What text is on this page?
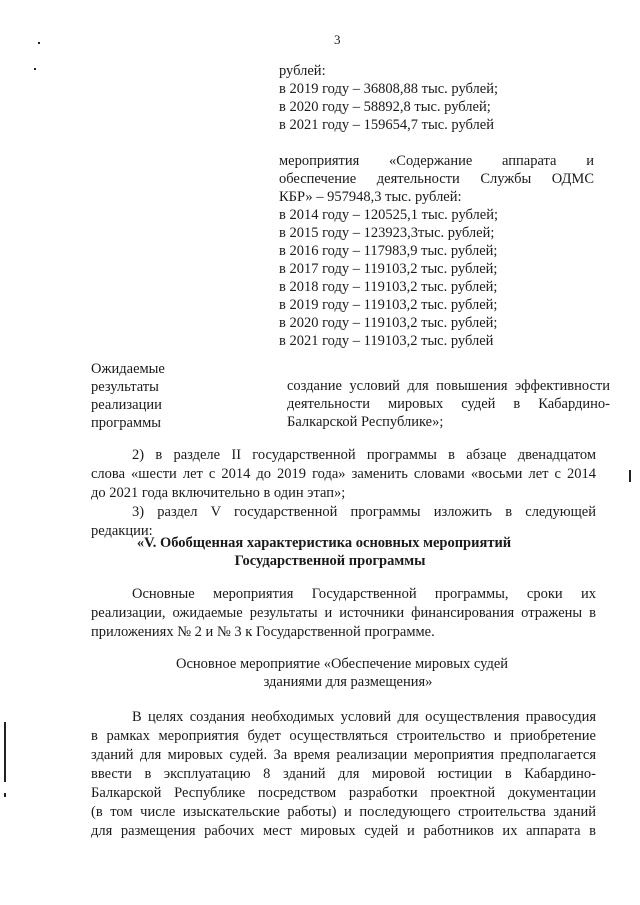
3
рублей:
в 2019 году – 36808,88 тыс. рублей;
в 2020 году – 58892,8 тыс. рублей;
в 2021 году – 159654,7 тыс. рублей
мероприятия «Содержание аппарата и
обеспечение деятельности Службы ОДМС
КБР» – 957948,3 тыс. рублей:
в 2014 году – 120525,1 тыс. рублей;
в 2015 году – 123923,3тыс. рублей;
в 2016 году – 117983,9 тыс. рублей;
в 2017 году – 119103,2 тыс. рублей;
в 2018 году – 119103,2 тыс. рублей;
в 2019 году – 119103,2 тыс. рублей;
в 2020 году – 119103,2 тыс. рублей;
в 2021 году – 119103,2 тыс. рублей
Ожидаемые
результаты
реализации
программы
создание условий для повышения эффективности
деятельности мировых судей в Кабардино-
Балкарской Республике»;
2) в разделе II государственной программы в абзаце двенадцатом
слова «шести лет с 2014 до 2019 года» заменить словами «восьми лет с 2014
до 2021 года включительно в один этап»;
3) раздел V государственной программы изложить в следующей
редакции:
«V. Обобщенная характеристика основных мероприятий
Государственной программы
Основные мероприятия Государственной программы, сроки их
реализации, ожидаемые результаты и источники финансирования отражены в
приложениях № 2 и № 3 к Государственной программе.
Основное мероприятие «Обеспечение мировых судей
зданиями для размещения»
В целях создания необходимых условий для осуществления правосудия
в рамках мероприятия будет осуществляться строительство и приобретение
зданий для мировых судей. За время реализации мероприятия предполагается
ввести в эксплуатацию 8 зданий для мировой юстиции в Кабардино-
Балкарской Республике посредством разработки проектной документации
(в том числе изыскательские работы) и последующего строительства зданий
для размещения рабочих мест мировых судей и работников их аппарата в
